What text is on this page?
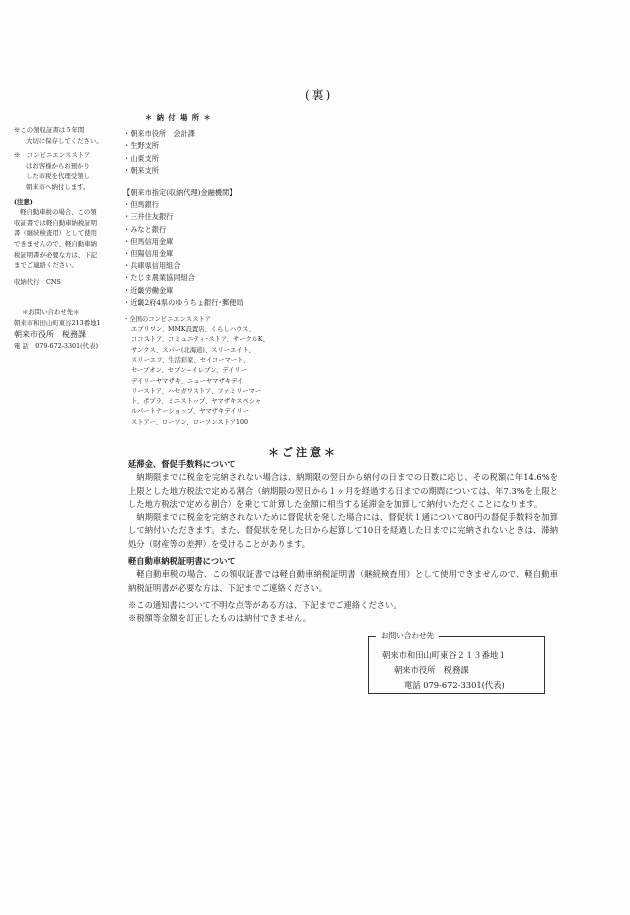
(裏)

※この領収証書は５年間

大切に保存してください。

※　コンビニエンスストア

はお客様からお預かり

した市税を代理受領し

朝来市へ納付します。

(注意)

軽自動車税の場合、この領

収証書では軽自動車納税証明

書（継続検査用）として使用

できませんので、軽自動車納

税証明書が必要な方は、下記

までご連絡ください。

収納代行　CNS

＊お問い合わせ先＊

朝来市和田山町東谷213番地1

朝来市役所　税務課

電 話　079-672-3301(代表)

＊ 納 付 場 所 ＊

・朝来市役所　会計課

・生野支所

・山東支所

・朝来支所

【朝来市指定(収納代理)金融機関】

・但馬銀行

・三井住友銀行

・みなと銀行

・但馬信用金庫

・但陽信用金庫

・兵庫県信用組合

・たじま農業協同組合

・近畿労働金庫

・近畿2府4県のゆうちょ銀行･郵便局

・全国のコンビニエンスストア

エブリワン、MMK設置店、くらしハウス、

ココストア、コミュニティ･ストア、サークルK、

サンクス、スパー(北海道)、スリーエイト、

スリーエフ、生活彩家、セイコーマート、

セーブオン、セブン−イレブン、デイリー

デイリーヤマザキ、ニューヤマザキデイ

リーストア、ハセガワストア、ファミリーマー

ト、ポプラ、ミニストップ、ヤマザキスペシャ

ルパートナーショップ、ヤマザキデイリー

ストアー、ローソン、ローソンストア100

＊ご注意＊

延滞金、督促手数料について

納期限までに税金を完納されない場合は、納期限の翌日から納付の日までの日数に応じ、その税額に年14.6%を上限とした地方税法で定める割合（納期限の翌日から１ヶ月を経過する日までの期間については、年7.3%を上限とした地方税法で定める割合）を乗じて計算した金額に相当する延滞金を加算して納付いただくことになります。

納期限までに税金を完納されないために督促状を発した場合には、督促状１通について80円の督促手数料を加算して納付いただきます。また、督促状を発した日から起算して10日を経過した日までに完納されないときは、滞納処分（財産等の差押）を受けることがあります。

軽自動車納税証明書について

軽自動車税の場合、この領収証書では軽自動車納税証明書（継続検査用）として使用できませんので、軽自動車納税証明書が必要な方は、下記までご連絡ください。

※この通知書について不明な点等がある方は、下記までご連絡ください。

※税額等金額を訂正したものは納付できません。

お問い合わせ先

朝来市和田山町東谷２１３番地１

朝来市役所　税務課

電話 079-672-3301(代表)
